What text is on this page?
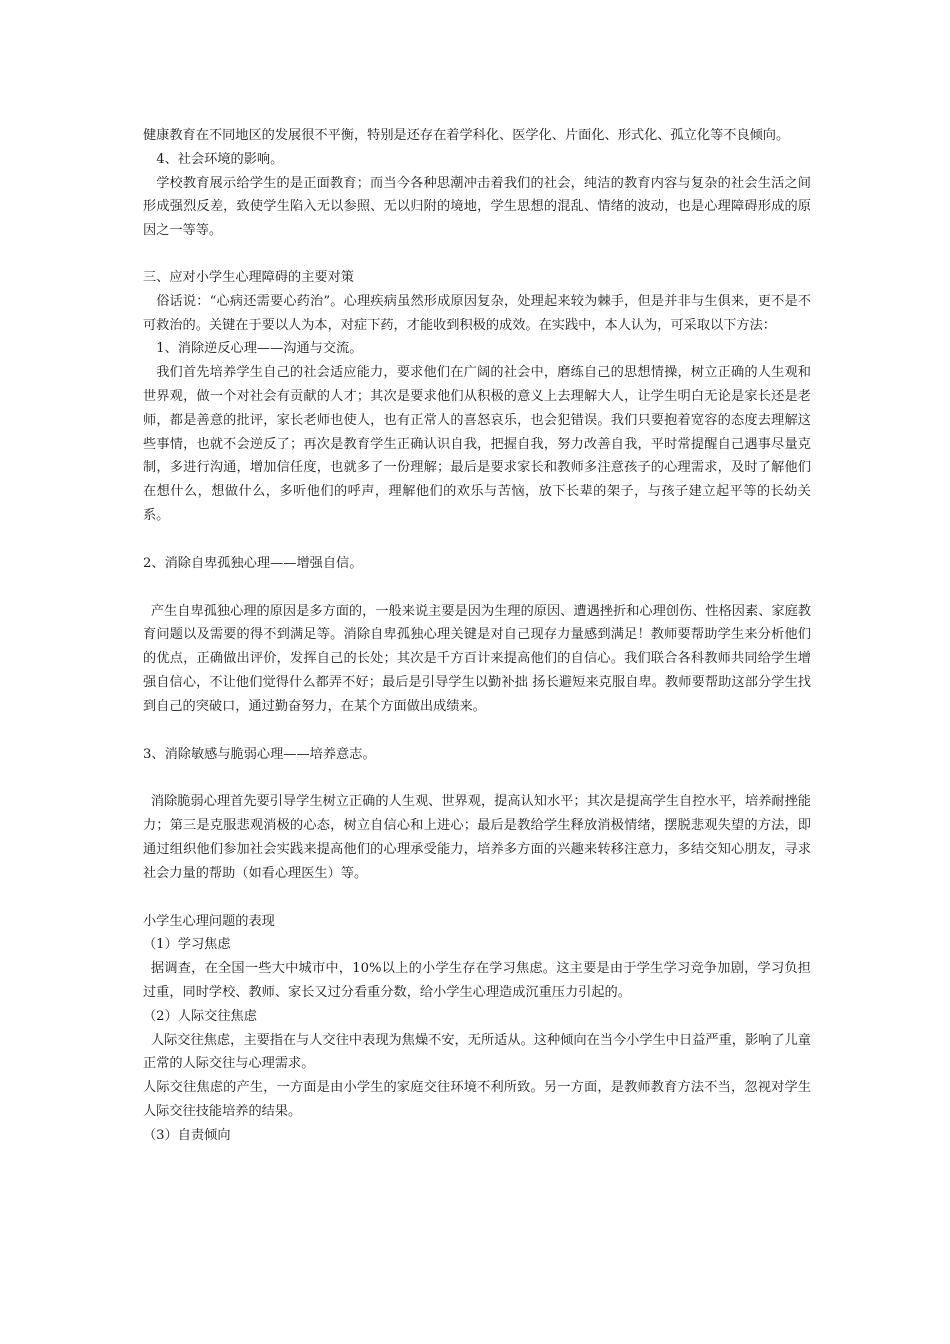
健康教育在不同地区的发展很不平衡，特别是还存在着学科化、医学化、片面化、形式化、孤立化等不良倾向。

4、社会环境的影响。

学校教育展示给学生的是正面教育；而当今各种思潮冲击着我们的社会，纯洁的教育内容与复杂的社会生活之间形成强烈反差，致使学生陷入无以参照、无以归附的境地，学生思想的混乱、情绪的波动，也是心理障碍形成的原因之一等等。

三、应对小学生心理障碍的主要对策

俗话说：“心病还需要心药治”。心理疾病虽然形成原因复杂，处理起来较为棘手，但是并非与生俱来，更不是不可救治的。关键在于要以人为本，对症下药，才能收到积极的成效。在实践中，本人认为，可采取以下方法：

1、消除逆反心理——沟通与交流。

我们首先培养学生自己的社会适应能力，要求他们在广阔的社会中，磨练自己的思想情操，树立正确的人生观和世界观，做一个对社会有贡献的人才；其次是要求他们从积极的意义上去理解大人，让学生明白无论是家长还是老师，都是善意的批评，家长老师也使人，也有正常人的喜怒哀乐，也会犯错误。我们只要抱着宽容的态度去理解这些事情，也就不会逆反了；再次是教育学生正确认识自我，把握自我，努力改善自我，平时常提醒自己遇事尽量克制，多进行沟通，增加信任度，也就多了一份理解；最后是要求家长和教师多注意孩子的心理需求，及时了解他们在想什么，想做什么，多听他们的呼声，理解他们的欢乐与苦恼，放下长辈的架子，与孩子建立起平等的长幼关系。

2、消除自卑孤独心理——增强自信。

产生自卑孤独心理的原因是多方面的，一般来说主要是因为生理的原因、遭遇挫折和心理创伤、性格因素、家庭教育问题以及需要的得不到满足等。消除自卑孤独心理关键是对自己现存力量感到满足！教师要帮助学生来分析他们的优点，正确做出评价，发挥自己的长处；其次是千方百计来提高他们的自信心。我们联合各科教师共同给学生增强自信心，不让他们觉得什么都弄不好；最后是引导学生以勤补拙 扬长避短来克服自卑。教师要帮助这部分学生找到自己的突破口，通过勤奋努力，在某个方面做出成绩来。

3、消除敏感与脆弱心理——培养意志。

消除脆弱心理首先要引导学生树立正确的人生观、世界观，提高认知水平；其次是提高学生自控水平，培养耐挫能力；第三是克服悲观消极的心态，树立自信心和上进心；最后是教给学生释放消极情绪，摆脱悲观失望的方法，即通过组织他们参加社会实践来提高他们的心理承受能力，培养多方面的兴趣来转移注意力，多结交知心朋友，寻求社会力量的帮助（如看心理医生）等。

小学生心理问题的表现

（1）学习焦虑

据调查，在全国一些大中城市中，10%以上的小学生存在学习焦虑。这主要是由于学生学习竞争加剧，学习负担过重，同时学校、教师、家长又过分看重分数，给小学生心理造成沉重压力引起的。

（2）人际交往焦虑

人际交往焦虑，主要指在与人交往中表现为焦燥不安，无所适从。这种倾向在当今小学生中日益严重，影响了儿童正常的人际交往与心理需求。

人际交往焦虑的产生，一方面是由小学生的家庭交往环境不利所致。另一方面，是教师教育方法不当，忽视对学生人际交往技能培养的结果。

（3）自责倾向
